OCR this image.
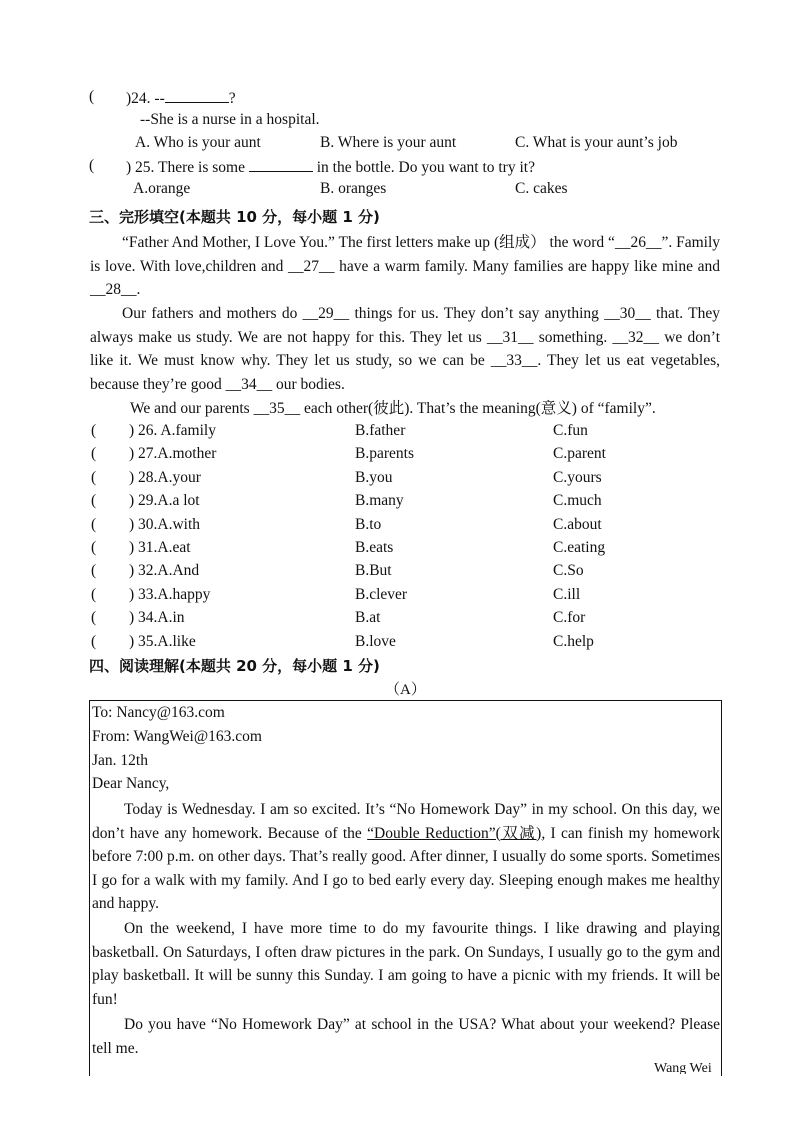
( )24. --	?
--She is a nurse in a hospital.
A. Who is your aunt	B. Where is your aunt	C. What is your aunt’s job
( ) 25. There is some	in the bottle. Do you want to try it?
A.orange	B. oranges	C. cakes
三、完形填空(本题共 10 分，每小题 1 分)

“Father And Mother, I Love You.” The first letters make up (组成） the word “__26__”. Family is love. With love,children and __27__ have a warm family. Many families are happy like mine and __28__.

Our fathers and mothers do __29__ things for us. They don’t say anything __30__ that. They always make us study. We are not happy for this. They let us __31__ something. __32__ we don’t like it. We must know why. They let us study, so we can be __33__. They let us eat vegetables, because they’re good __34__ our bodies.

We and our parents __35__ each other(彼此). That’s the meaning(意义) of “family”.

( ) 26. A.family	B.father	C.fun
( ) 27.A.mother	B.parents	C.parent
( ) 28.A.your	B.you	C.yours
( ) 29.A.a lot	B.many	C.much
( ) 30.A.with	B.to	C.about
( ) 31.A.eat	B.eats	C.eating
( ) 32.A.And	B.But	C.So
( ) 33.A.happy	B.clever	C.ill
( ) 34.A.in	B.at	C.for
( ) 35.A.like	B.love	C.help
四、阅读理解(本题共 20 分，每小题 1 分)
（A）
To: Nancy@163.com
From: WangWei@163.com
Jan. 12th
Dear Nancy,

Today is Wednesday. I am so excited. It’s “No Homework Day” in my school. On this day, we don’t have any homework. Because of the “Double Reduction”(双减), I can finish my homework before 7:00 p.m. on other days. That’s really good. After dinner, I usually do some sports. Sometimes I go for a walk with my family. And I go to bed early every day. Sleeping enough makes me healthy and happy.

On the weekend, I have more time to do my favourite things. I like drawing and playing basketball. On Saturdays, I often draw pictures in the park. On Sundays, I usually go to the gym and play basketball. It will be sunny this Sunday. I am going to have a picnic with my friends. It will be fun!

Do you have “No Homework Day” at school in the USA? What about your weekend? Please tell me.

Wang Wei
